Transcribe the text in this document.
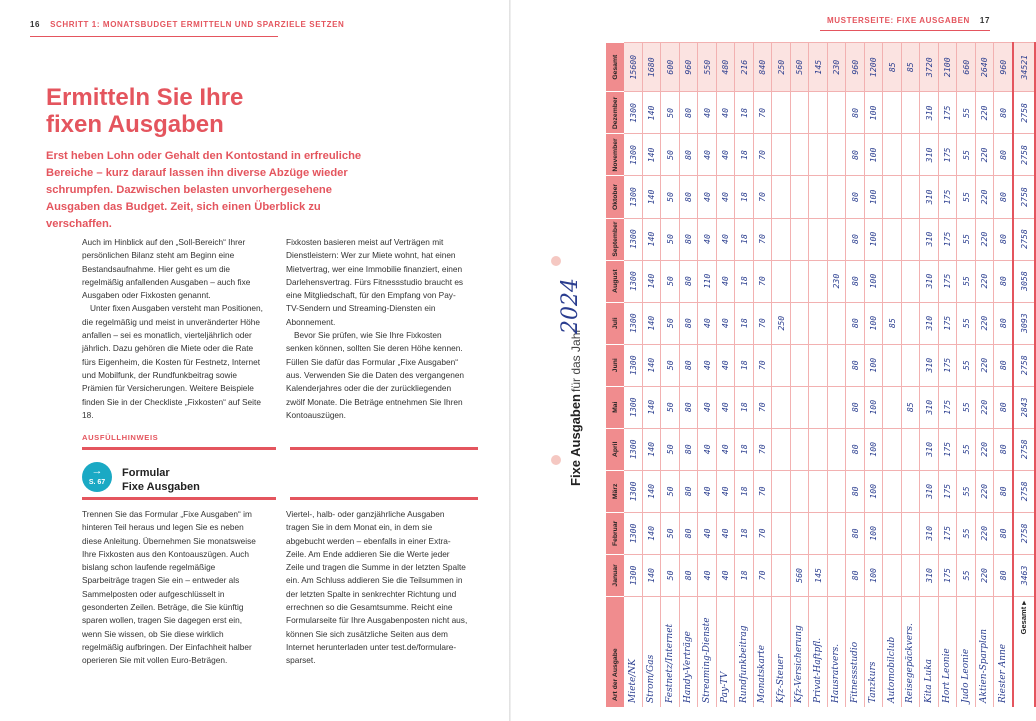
16 SCHRITT 1: MONATSBUDGET ERMITTELN UND SPARZIELE SETZEN
Ermitteln Sie Ihre
fixen Ausgaben

Erst heben Lohn oder Gehalt den Kontostand in erfreuliche Bereiche – kurz darauf lassen ihn diverse Abzüge wieder schrumpfen. Dazwischen belasten unvorhergesehene Ausgaben das Budget. Zeit, sich einen Überblick zu verschaffen.

Auch im Hinblick auf den „Soll-Bereich“ Ihrer persönlichen Bilanz steht am Beginn eine Bestandsaufnahme. Hier geht es um die regelmäßig anfallenden Ausgaben – auch fixe Ausgaben oder Fixkosten genannt.

Unter fixen Ausgaben versteht man Positionen, die regelmäßig und meist in unveränderter Höhe anfallen – sei es monatlich, vierteljährlich oder jährlich. Dazu gehören die Miete oder die Rate fürs Eigenheim, die Kosten für Festnetz, Internet und Mobilfunk, der Rundfunkbeitrag sowie Prämien für Versicherungen. Weitere Beispiele finden Sie in der Checkliste „Fixkosten“ auf Seite 18.

Fixkosten basieren meist auf Verträgen mit Dienstleistern: Wer zur Miete wohnt, hat einen Mietvertrag, wer eine Immobilie finanziert, einen Darlehensvertrag. Fürs Fitnessstudio braucht es eine Mitgliedschaft, für den Empfang von Pay-TV-Sendern und Streaming-Diensten ein Abonnement.

Bevor Sie prüfen, wie Sie Ihre Fixkosten senken können, sollten Sie deren Höhe kennen. Füllen Sie dafür das Formular „Fixe Ausgaben“ aus. Verwenden Sie die Daten des vergangenen Kalenderjahres oder die der zurückliegenden zwölf Monate. Die Beträge entnehmen Sie Ihren Kontoauszügen.

AUSFÜLLHINWEIS
→
S. 67

Formular
Fixe Ausgaben

Trennen Sie das Formular „Fixe Ausgaben“ im hinteren Teil heraus und legen Sie es neben diese Anleitung. Übernehmen Sie monatsweise Ihre Fixkosten aus den Kontoauszügen. Auch bislang schon laufende regelmäßige Sparbeiträge tragen Sie ein – entweder als Sammelposten oder aufgeschlüsselt in gesonderten Zeilen. Beträge, die Sie künftig sparen wollen, tragen Sie dagegen erst ein, wenn Sie wissen, ob Sie diese wirklich regelmäßig aufbringen. Der Einfachheit halber operieren Sie mit vollen Euro-Beträgen.

Viertel-, halb- oder ganzjährliche Ausgaben tragen Sie in dem Monat ein, in dem sie abgebucht werden – ebenfalls in einer Extra-Zeile. Am Ende addieren Sie die Werte jeder Zeile und tragen die Summe in der letzten Spalte ein. Am Schluss addieren Sie die Teilsummen in der letzten Spalte in senkrechter Richtung und errechnen so die Gesamtsumme. Reicht eine Formularseite für Ihre Ausgabenposten nicht aus, können Sie sich zusätzliche Seiten aus dem Internet herunterladen unter test.de/formulare-sparset.

MUSTERSEITE: FIXE AUSGABEN 17
Fixe Ausgaben
für das Jahr
2024
Art der Ausgabe	Januar	Februar	März	April	Mai	Juni	Juli	August	September	Oktober	November	Dezember	Gesamt
Miete/NK	1300	1300	1300	1300	1300	1300	1300	1300	1300	1300	1300	1300	15600
Strom/Gas	140	140	140	140	140	140	140	140	140	140	140	140	1680
Festnetz/Internet	50	50	50	50	50	50	50	50	50	50	50	50	600
Handy-Verträge	80	80	80	80	80	80	80	80	80	80	80	80	960
Streaming-Dienste	40	40	40	40	40	40	40	110	40	40	40	40	550
Pay-TV	40	40	40	40	40	40	40	40	40	40	40	40	480
Rundfunkbeitrag	18	18	18	18	18	18	18	18	18	18	18	18	216
Monatskarte	70	70	70	70	70	70	70	70	70	70	70	70	840
Kfz-Steuer							250						250
Kfz-Versicherung	560												560
Privat-Haftpfl.	145												145
Hausratvers.								230					230
Fitnessstudio	80	80	80	80	80	80	80	80	80	80	80	80	960
Tanzkurs	100	100	100	100	100	100	100	100	100	100	100	100	1200
Automobilclub							85						85
Reisegepäckvers.					85								85
Kita Luka	310	310	310	310	310	310	310	310	310	310	310	310	3720
Hort Leonie	175	175	175	175	175	175	175	175	175	175	175	175	2100
Judo Leonie	55	55	55	55	55	55	55	55	55	55	55	55	660
Aktien-Sparplan	220	220	220	220	220	220	220	220	220	220	220	220	2640
Riester Anne	80	80	80	80	80	80	80	80	80	80	80	80	960
Gesamt ▸	3463	2758	2758	2758	2843	2758	3093	3058	2758	2758	2758	2758	34521
